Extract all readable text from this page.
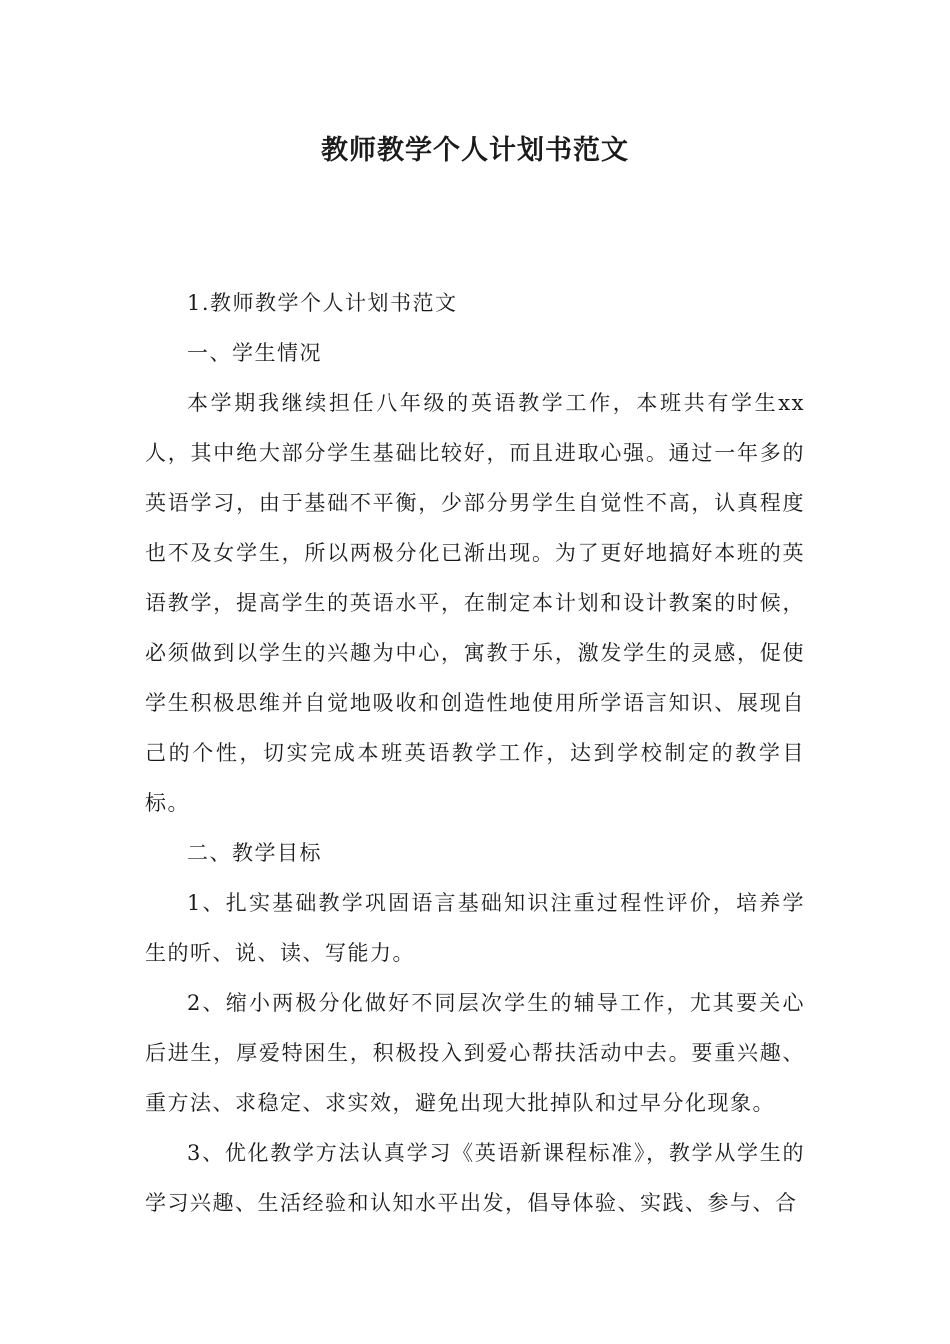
教师教学个人计划书范文

1.教师教学个人计划书范文

一、学生情况

本学期我继续担任八年级的英语教学工作，本班共有学生xx人，其中绝大部分学生基础比较好，而且进取心强。通过一年多的英语学习，由于基础不平衡，少部分男学生自觉性不高，认真程度也不及女学生，所以两极分化已渐出现。为了更好地搞好本班的英语教学，提高学生的英语水平，在制定本计划和设计教案的时候，必须做到以学生的兴趣为中心，寓教于乐，激发学生的灵感，促使学生积极思维并自觉地吸收和创造性地使用所学语言知识、展现自己的个性，切实完成本班英语教学工作，达到学校制定的教学目标。

二、教学目标

1、扎实基础教学巩固语言基础知识注重过程性评价，培养学生的听、说、读、写能力。

2、缩小两极分化做好不同层次学生的辅导工作，尤其要关心后进生，厚爱特困生，积极投入到爱心帮扶活动中去。要重兴趣、重方法、求稳定、求实效，避免出现大批掉队和过早分化现象。

3、优化教学方法认真学习《英语新课程标准》，教学从学生的学习兴趣、生活经验和认知水平出发，倡导体验、实践、参与、合
